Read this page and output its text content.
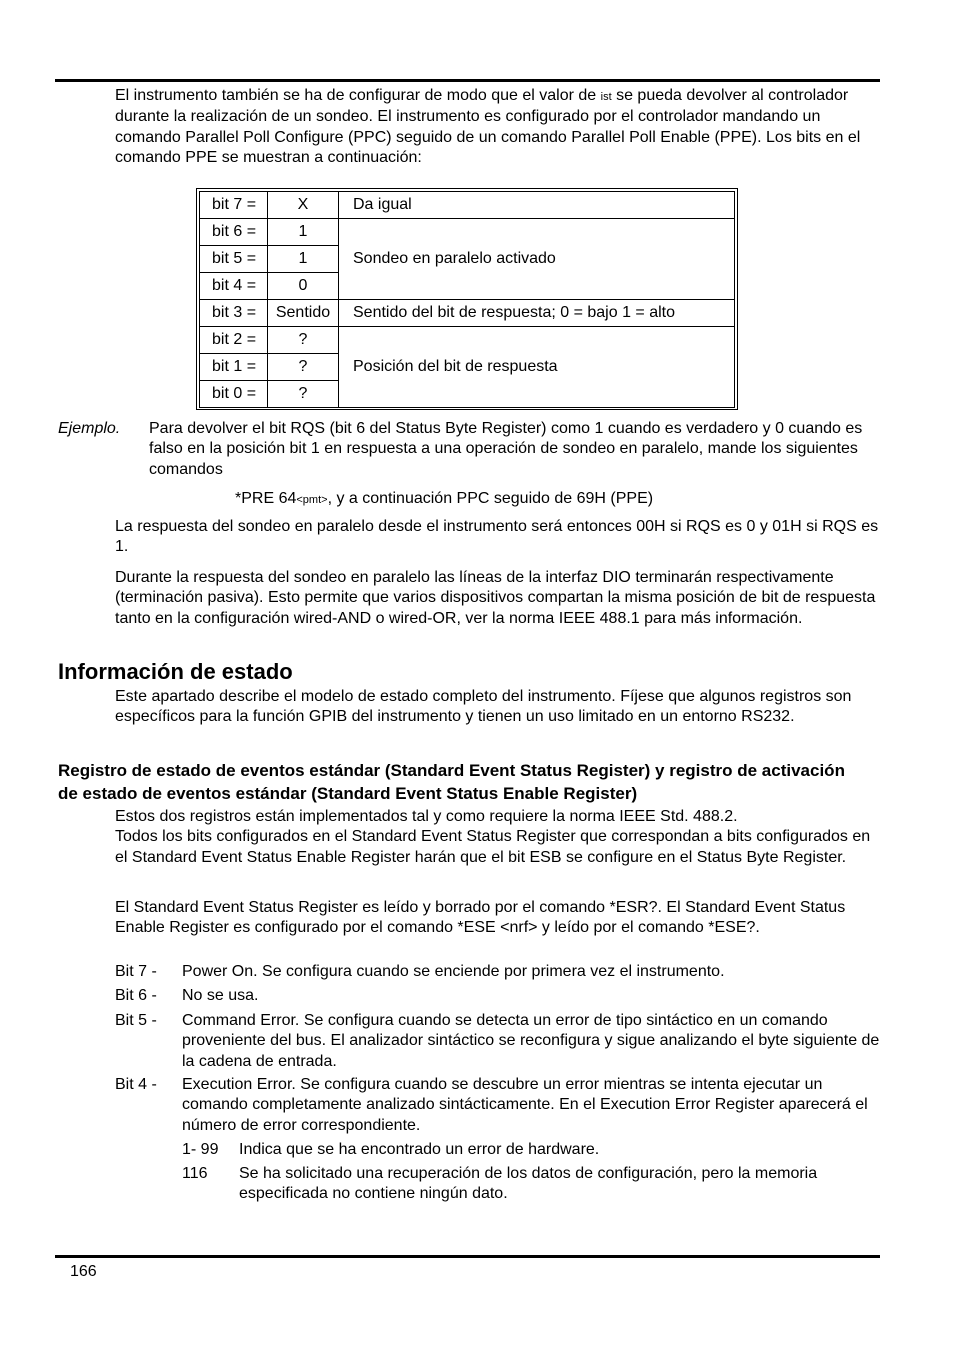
El instrumento también se ha de configurar de modo que el valor de ist se pueda devolver al controlador durante la realización de un sondeo. El instrumento es configurado por el controlador mandando un comando Parallel Poll Configure (PPC) seguido de un comando Parallel Poll Enable (PPE). Los bits en el comando PPE se muestran a continuación:

bit 7 =	X	Da igual
bit 6 =	1	Sondeo en paralelo activado
bit 5 =	1	
bit 4 =	0	
bit 3 =	Sentido	Sentido del bit de respuesta; 0 = bajo 1 = alto
bit 2 =	?	Posición del bit de respuesta
bit 1 =	?	
bit 0 =	?	
Ejemplo. Para devolver el bit RQS (bit 6 del Status Byte Register) como 1 cuando es verdadero y 0 cuando es falso en la posición bit 1 en respuesta a una operación de sondeo en paralelo, mande los siguientes comandos

*PRE 64<pmt>, y a continuación PPC seguido de 69H (PPE)

La respuesta del sondeo en paralelo desde el instrumento será entonces 00H si RQS es 0 y 01H si RQS es 1.

Durante la respuesta del sondeo en paralelo las líneas de la interfaz DIO terminarán respectivamente (terminación pasiva). Esto permite que varios dispositivos compartan la misma posición de bit de respuesta tanto en la configuración wired-AND o wired-OR, ver la norma IEEE 488.1 para más información.

Información de estado

Este apartado describe el modelo de estado completo del instrumento. Fíjese que algunos registros son específicos para la función GPIB del instrumento y tienen un uso limitado en un entorno RS232.

Registro de estado de eventos estándar (Standard Event Status Register) y registro de activación de estado de eventos estándar (Standard Event Status Enable Register)

Estos dos registros están implementados tal y como requiere la norma IEEE Std. 488.2.
Todos los bits configurados en el Standard Event Status Register que correspondan a bits configurados en el Standard Event Status Enable Register harán que el bit ESB se configure en el Status Byte Register.

El Standard Event Status Register es leído y borrado por el comando *ESR?. El Standard Event Status Enable Register es configurado por el comando *ESE <nrf> y leído por el comando *ESE?.

Bit 7 - Power On. Se configura cuando se enciende por primera vez el instrumento.

Bit 6 - No se usa.

Bit 5 - Command Error. Se configura cuando se detecta un error de tipo sintáctico en un comando proveniente del bus. El analizador sintáctico se reconfigura y sigue analizando el byte siguiente de la cadena de entrada.

Bit 4 - Execution Error. Se configura cuando se descubre un error mientras se intenta ejecutar un comando completamente analizado sintácticamente. En el Execution Error Register aparecerá el número de error correspondiente.

1- 99 Indica que se ha encontrado un error de hardware.

116 Se ha solicitado una recuperación de los datos de configuración, pero la memoria especificada no contiene ningún dato.

166
